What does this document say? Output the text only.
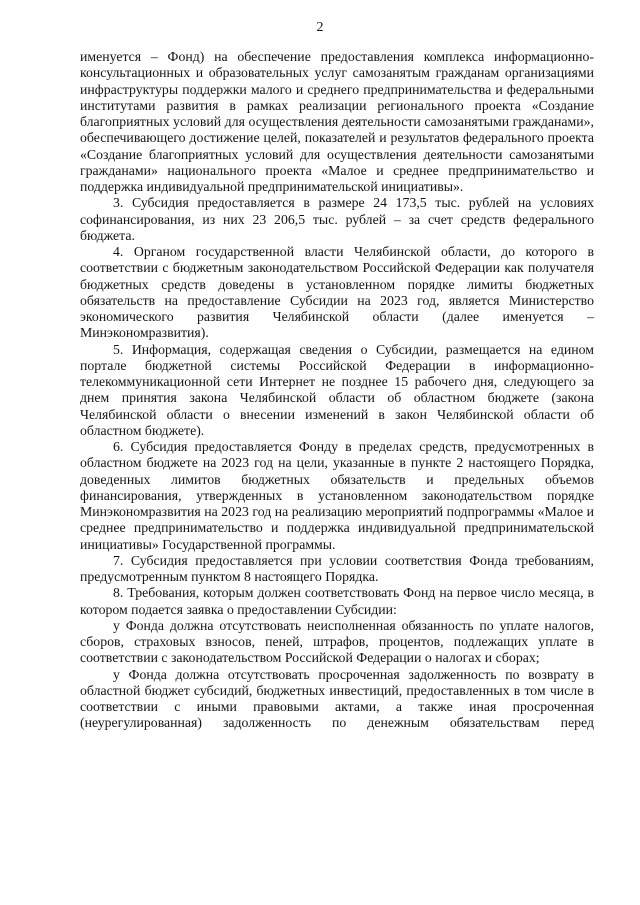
2

именуется – Фонд) на обеспечение предоставления комплекса информационно-консультационных и образовательных услуг самозанятым гражданам организациями инфраструктуры поддержки малого и среднего предпринимательства и федеральными институтами развития в рамках реализации регионального проекта «Создание благоприятных условий для осуществления деятельности самозанятыми гражданами», обеспечивающего достижение целей, показателей и результатов федерального проекта «Создание благоприятных условий для осуществления деятельности самозанятыми гражданами» национального проекта «Малое и среднее предпринимательство и поддержка индивидуальной предпринимательской инициативы».

3. Субсидия предоставляется в размере 24 173,5 тыс. рублей на условиях софинансирования, из них 23 206,5 тыс. рублей – за счет средств федерального бюджета.

4. Органом государственной власти Челябинской области, до которого в соответствии с бюджетным законодательством Российской Федерации как получателя бюджетных средств доведены в установленном порядке лимиты бюджетных обязательств на предоставление Субсидии на 2023 год, является Министерство экономического развития Челябинской области (далее именуется – Минэкономразвития).

5. Информация, содержащая сведения о Субсидии, размещается на едином портале бюджетной системы Российской Федерации в информационно-телекоммуникационной сети Интернет не позднее 15 рабочего дня, следующего за днем принятия закона Челябинской области об областном бюджете (закона Челябинской области о внесении изменений в закон Челябинской области об областном бюджете).

6. Субсидия предоставляется Фонду в пределах средств, предусмотренных в областном бюджете на 2023 год на цели, указанные в пункте 2 настоящего Порядка, доведенных лимитов бюджетных обязательств и предельных объемов финансирования, утвержденных в установленном законодательством порядке Минэкономразвития на 2023 год на реализацию мероприятий подпрограммы «Малое и среднее предпринимательство и поддержка индивидуальной предпринимательской инициативы» Государственной программы.

7. Субсидия предоставляется при условии соответствия Фонда требованиям, предусмотренным пунктом 8 настоящего Порядка.

8. Требования, которым должен соответствовать Фонд на первое число месяца, в котором подается заявка о предоставлении Субсидии:

у Фонда должна отсутствовать неисполненная обязанность по уплате налогов, сборов, страховых взносов, пеней, штрафов, процентов, подлежащих уплате в соответствии с законодательством Российской Федерации о налогах и сборах;

у Фонда должна отсутствовать просроченная задолженность по возврату в областной бюджет субсидий, бюджетных инвестиций, предоставленных в том числе в соответствии с иными правовыми актами, а также иная просроченная (неурегулированная) задолженность по денежным обязательствам перед
